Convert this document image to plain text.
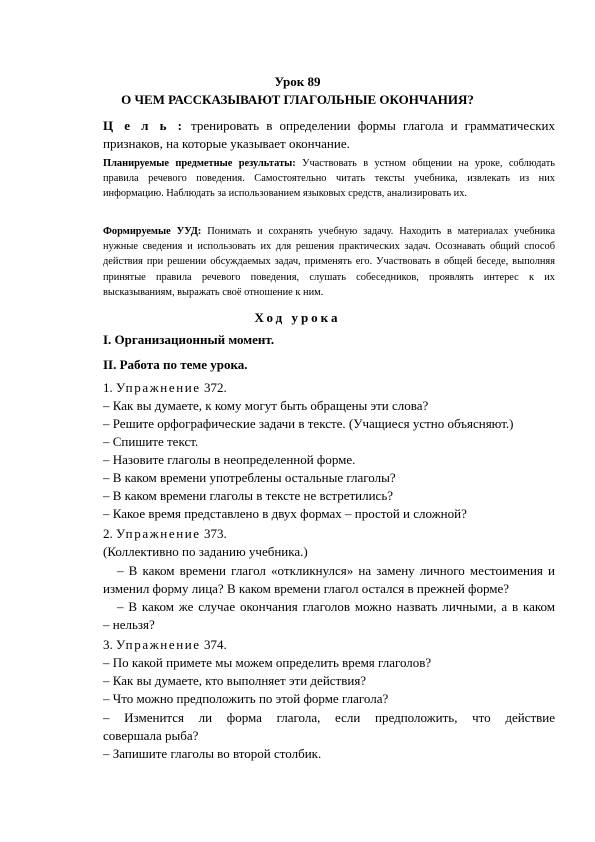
Урок 89
О ЧЕМ РАССКАЗЫВАЮТ ГЛАГОЛЬНЫЕ ОКОНЧАНИЯ?
Ц е л ь : тренировать в определении формы глагола и грамматических
признаков, на которые указывает окончание.
Планируемые предметные результаты: Участвовать в устном общении на уроке, соблюдать правила речевого поведения. Самостоятельно читать тексты учебника, извлекать из них информацию. Наблюдать за использованием языковых средств, анализировать их.
Формируемые УУД: Понимать и сохранять учебную задачу. Находить в материалах учебника нужные сведения и использовать их для решения практических задач. Осознавать общий способ действия при решении обсуждаемых задач, применять его. Участвовать в общей беседе, выполняя принятые правила речевого поведения, слушать собеседников, проявлять интерес к их высказываниям, выражать своё отношение к ним.
Ход урока
I. Организационный момент.
II. Работа по теме урока.
1. Упражнение 372.
– Как вы думаете, к кому могут быть обращены эти слова?
– Решите орфографические задачи в тексте. (Учащиеся устно объясняют.)
– Спишите текст.
– Назовите глаголы в неопределенной форме.
– В каком времени употреблены остальные глаголы?
– В каком времени глаголы в тексте не встретились?
– Какое время представлено в двух формах – простой и сложной?
2. Упражнение 373.
(Коллективно по заданию учебника.)
– В каком времени глагол «откликнулся» на замену личного местоимения и
изменил форму лица? В каком времени глагол остался в прежней форме?
– В каком же случае окончания глаголов можно назвать личными, а в каком
– нельзя?
3. Упражнение 374.
– По какой примете мы можем определить время глаголов?
– Как вы думаете, кто выполняет эти действия?
– Что можно предположить по этой форме глагола?
– Изменится ли форма глагола, если предположить, что действие
совершала рыба?
– Запишите глаголы во второй столбик.
